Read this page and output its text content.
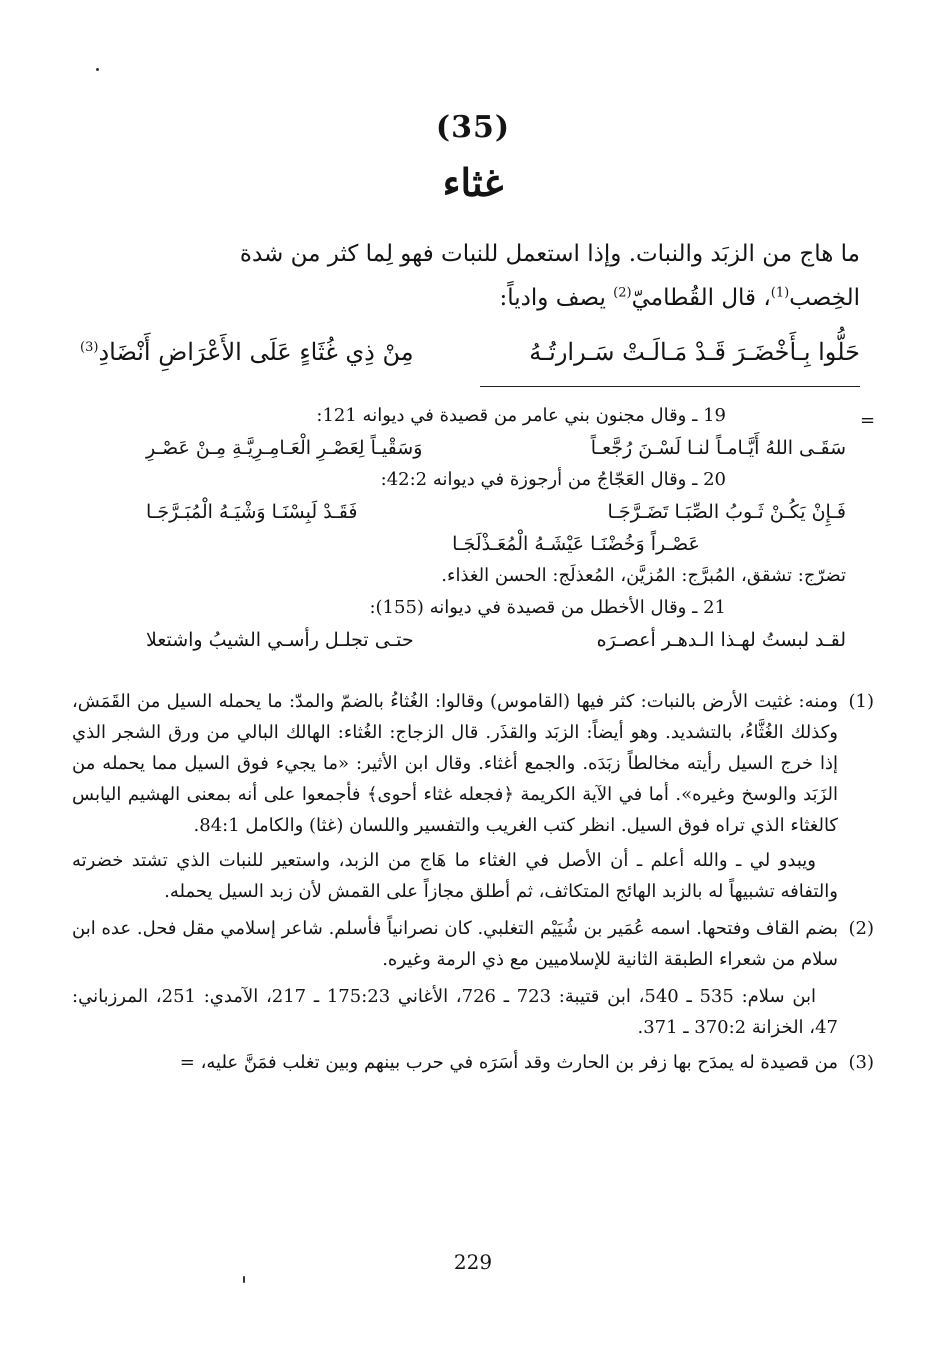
(35)
غثاء

ما هاج من الزبَد والنبات. وإذا استعمل للنبات فهو لِما كثر من شدة

الخِصب$^{(1)}$، قال القُطاميّ$^{(2)}$ يصف وادياً:

حَلُّوا بِـأَخْضَـرَ قَـدْ مَـالَـتْ سَـرارتُـهُ
مِنْ ذِي غُثَاءٍ عَلَى الأَعْرَاضِ أَنْضَادِ$^{(3)}$
=
19 ـ وقال مجنون بني عامر من قصيدة في ديوانه 121:
سَقَـى اللهُ أَيَّـامـاً لنـا لَسْـنَ رُجَّعـاً
وَسَقْيـاً لِعَصْـرِ الْعَـامِـرِيَّـةِ مِـنْ عَصْـرِ
20 ـ وقال العَجّاجُ من أرجوزة في ديوانه 42:2:
فَـإِنْ يَكُـنْ ثَـوبُ الصِّبَـا تَضَـرَّجَـا
فَقَـدْ لَبِسْنَـا وَشْيَـهُ الْمُبَـرَّجَـا
عَصْـراً وَخُضْنَـا عَيْشَـهُ الْمُعَـذْلَجَـا
تضرّج: تشقق، المُبرَّج: المُزيَّن، المُعذلَج: الحسن الغذاء.
21 ـ وقال الأخطل من قصيدة في ديوانه (155):
لقـد لبستُ لهـذا الـدهـر أعصـرَه
حتـى تجلـل رأسـي الشيبُ واشتعلا
(1)
ومنه: غثيت الأرض بالنبات: كثر فيها (القاموس) وقالوا: الغُثاءُ بالضمّ والمدّ: ما يحمله السيل من القَمَش، وكذلك الغُثَّاءُ، بالتشديد. وهو أيضاً: الزبَد والقذَر. قال الزجاج: الغُثاء: الهالك البالي من ورق الشجر الذي إذا خرج السيل رأيته مخالطاً زبَدَه. والجمع أغثاء. وقال ابن الأثير: «ما يجيء فوق السيل مما يحمله من الزَبَد والوسخ وغيره». أما في الآية الكريمة ﴿فجعله غثاء أحوى﴾ فأجمعوا على أنه بمعنى الهشيم اليابس كالغثاء الذي تراه فوق السيل. انظر كتب الغريب والتفسير واللسان (غثا) والكامل 84:1.
ويبدو لي ـ والله أعلم ـ أن الأصل في الغثاء ما هَاج من الزبد، واستعير للنبات الذي تشتد خضرته والتفافه تشبيهاً له بالزبد الهائج المتكاثف، ثم أطلق مجازاً على القمش لأن زبد السيل يحمله.
(2)

بضم القاف وفتحها. اسمه عُمَير بن شُيَيْم التغلبي. كان نصرانياً فأسلم. شاعر إسلامي مقل فحل. عده ابن سلام من شعراء الطبقة الثانية للإسلاميين مع ذي الرمة وغيره.

ابن سلام: 535 ـ 540، ابن قتيبة: 723 ـ 726، الأغاني 175:23 ـ 217، الآمدي: 251، المرزباني: 47، الخزانة 370:2 ـ 371.

(3)
من قصيدة له يمدَح بها زفر بن الحارث وقد أسَرَه في حرب بينهم وبين تغلب فمَنَّ عليه، =
229
